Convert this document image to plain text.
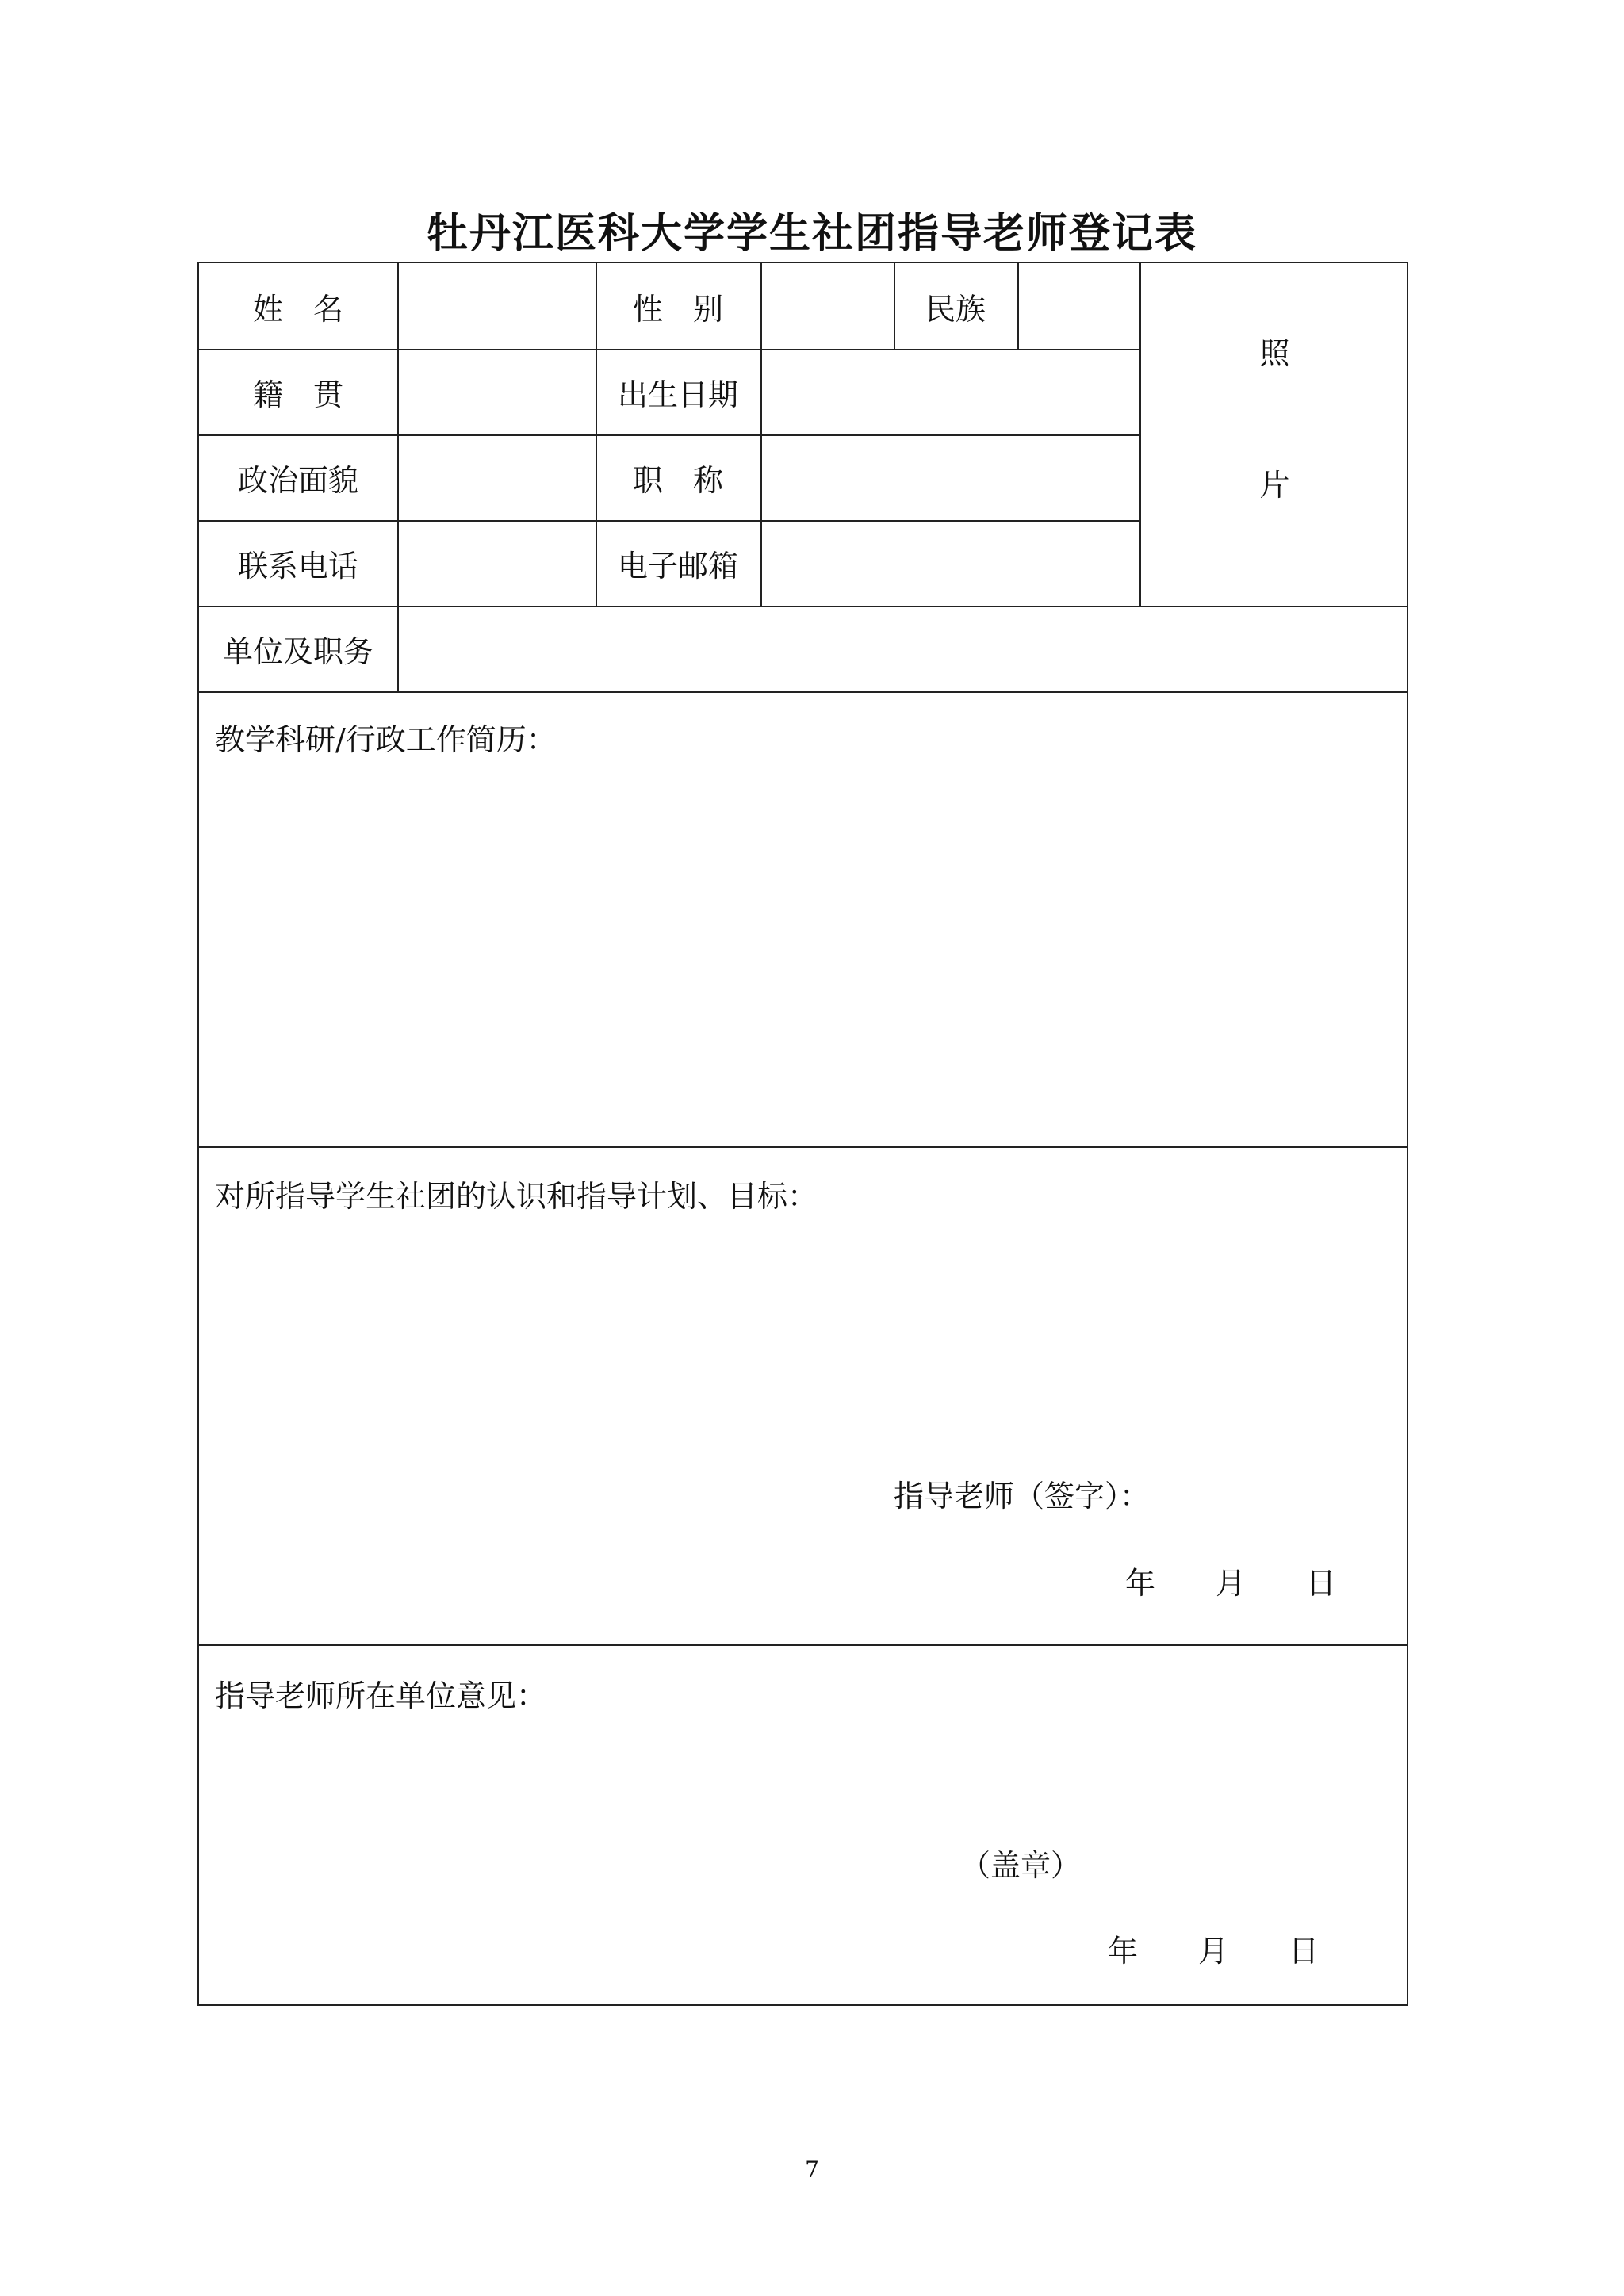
牡丹江医科大学学生社团指导老师登记表
姓　名	性　别	民族
籍　贯	出生日期
政治面貌	职　称
联系电话	电子邮箱
照
片
单位及职务
教学科研/行政工作简历：
对所指导学生社团的认识和指导计划、目标：
指导老师（签字）：
年　　月　　日
指导老师所在单位意见：
（盖章）
年　　月　　日
7
